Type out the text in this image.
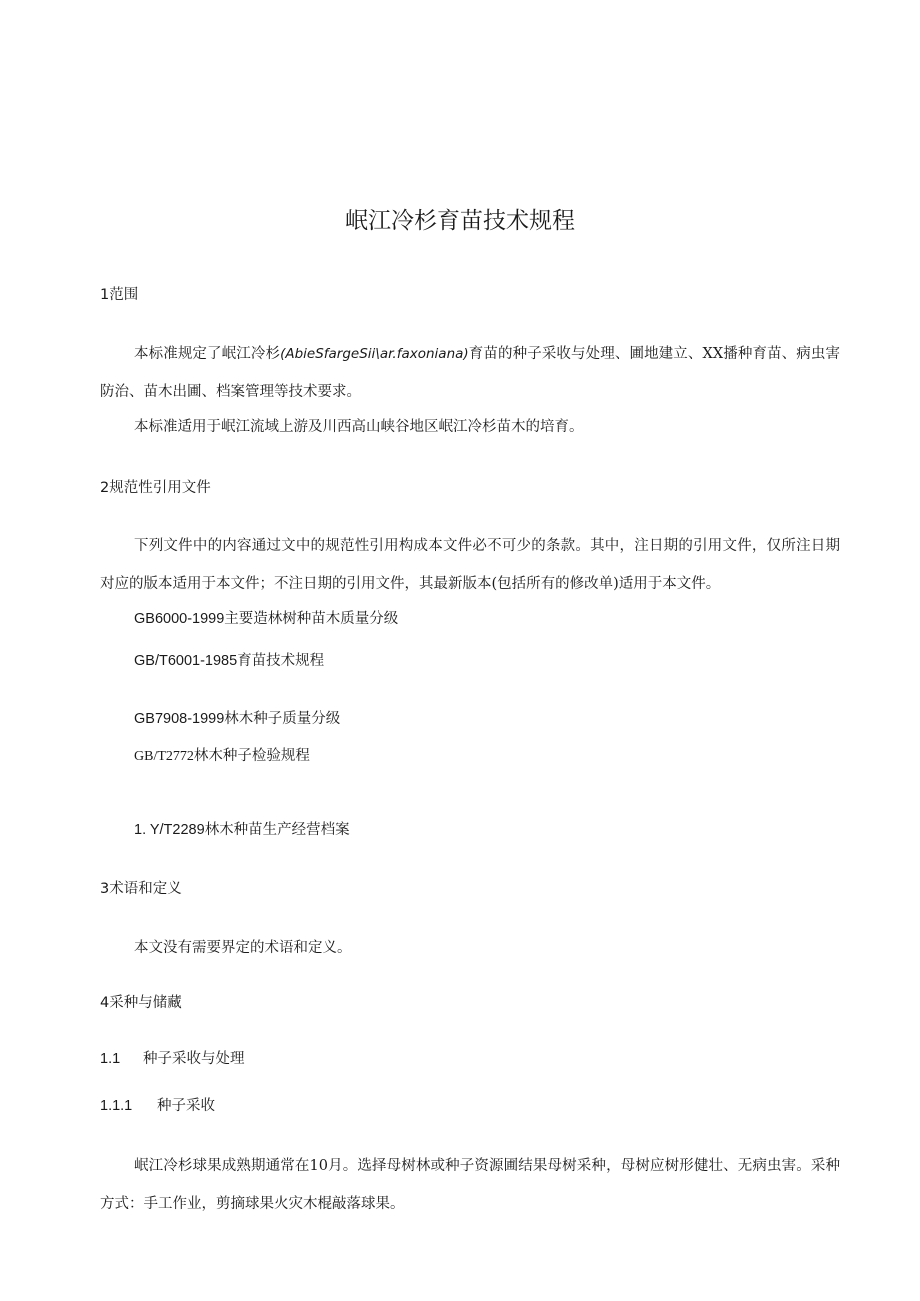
岷江冷杉育苗技术规程
1范围

本标准规定了岷江冷杉(AbieSfargeSii\ar.faxoniana)育苗的种子采收与处理、圃地建立、XX播种育苗、病虫害防治、苗木出圃、档案管理等技术要求。

本标准适用于岷江流域上游及川西高山峡谷地区岷江冷杉苗木的培育。
2规范性引用文件

下列文件中的内容通过文中的规范性引用构成本文件必不可少的条款。其中，注日期的引用文件，仅所注日期对应的版本适用于本文件；不注日期的引用文件，其最新版本(包括所有的修改单)适用于本文件。

GB6000-1999主要造林树种苗木质量分级
GB/T6001-1985育苗技术规程
GB7908-1999林木种子质量分级
GB/T2772林木种子检验规程
1. Y/T2289林木种苗生产经营档案
3术语和定义
本文没有需要界定的术语和定义。
4采种与储藏
1.1 种子采收与处理
1.1.1 种子采收

岷江冷杉球果成熟期通常在10月。选择母树林或种子资源圃结果母树采种，母树应树形健壮、无病虫害。采种方式：手工作业，剪摘球果火灾木棍敲落球果。
